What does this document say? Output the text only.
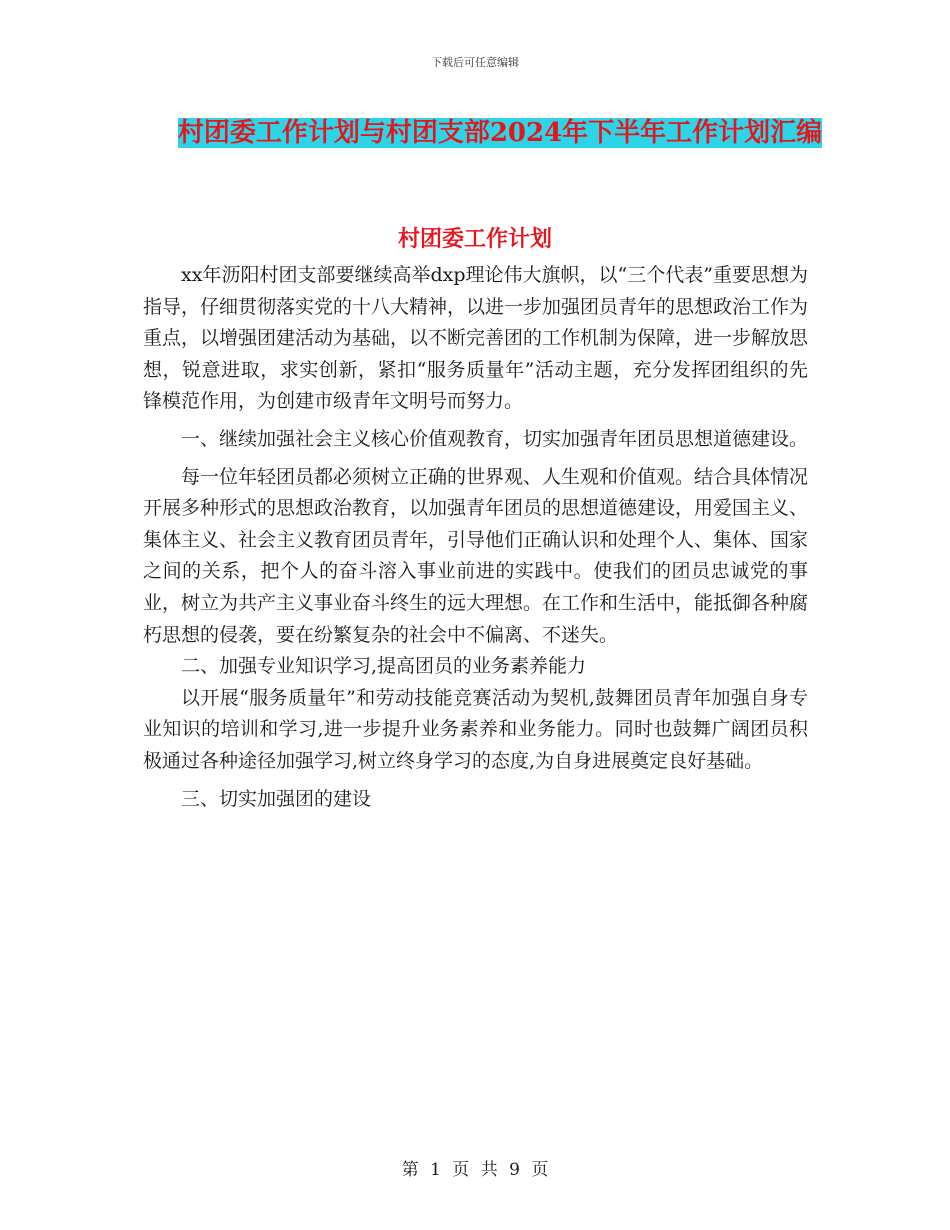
下载后可任意编辑
村团委工作计划与村团支部2024年下半年工作计划汇编
村团委工作计划

xx年沥阳村团支部要继续高举dxp理论伟大旗帜，以“三个代表”重要思想为指导，仔细贯彻落实党的十八大精神，以进一步加强团员青年的思想政治工作为重点，以增强团建活动为基础，以不断完善团的工作机制为保障，进一步解放思想，锐意进取，求实创新，紧扣“服务质量年”活动主题，充分发挥团组织的先锋模范作用，为创建市级青年文明号而努力。

一、继续加强社会主义核心价值观教育，切实加强青年团员思想道德建设。

每一位年轻团员都必须树立正确的世界观、人生观和价值观。结合具体情况开展多种形式的思想政治教育，以加强青年团员的思想道德建设，用爱国主义、集体主义、社会主义教育团员青年，引导他们正确认识和处理个人、集体、国家之间的关系，把个人的奋斗溶入事业前进的实践中。使我们的团员忠诚党的事业，树立为共产主义事业奋斗终生的远大理想。在工作和生活中，能抵御各种腐朽思想的侵袭，要在纷繁复杂的社会中不偏离、不迷失。

二、加强专业知识学习,提高团员的业务素养能力

以开展“服务质量年”和劳动技能竞赛活动为契机,鼓舞团员青年加强自身专业知识的培训和学习,进一步提升业务素养和业务能力。同时也鼓舞广阔团员积极通过各种途径加强学习,树立终身学习的态度,为自身进展奠定良好基础。

三、切实加强团的建设

第 1 页 共 9 页
